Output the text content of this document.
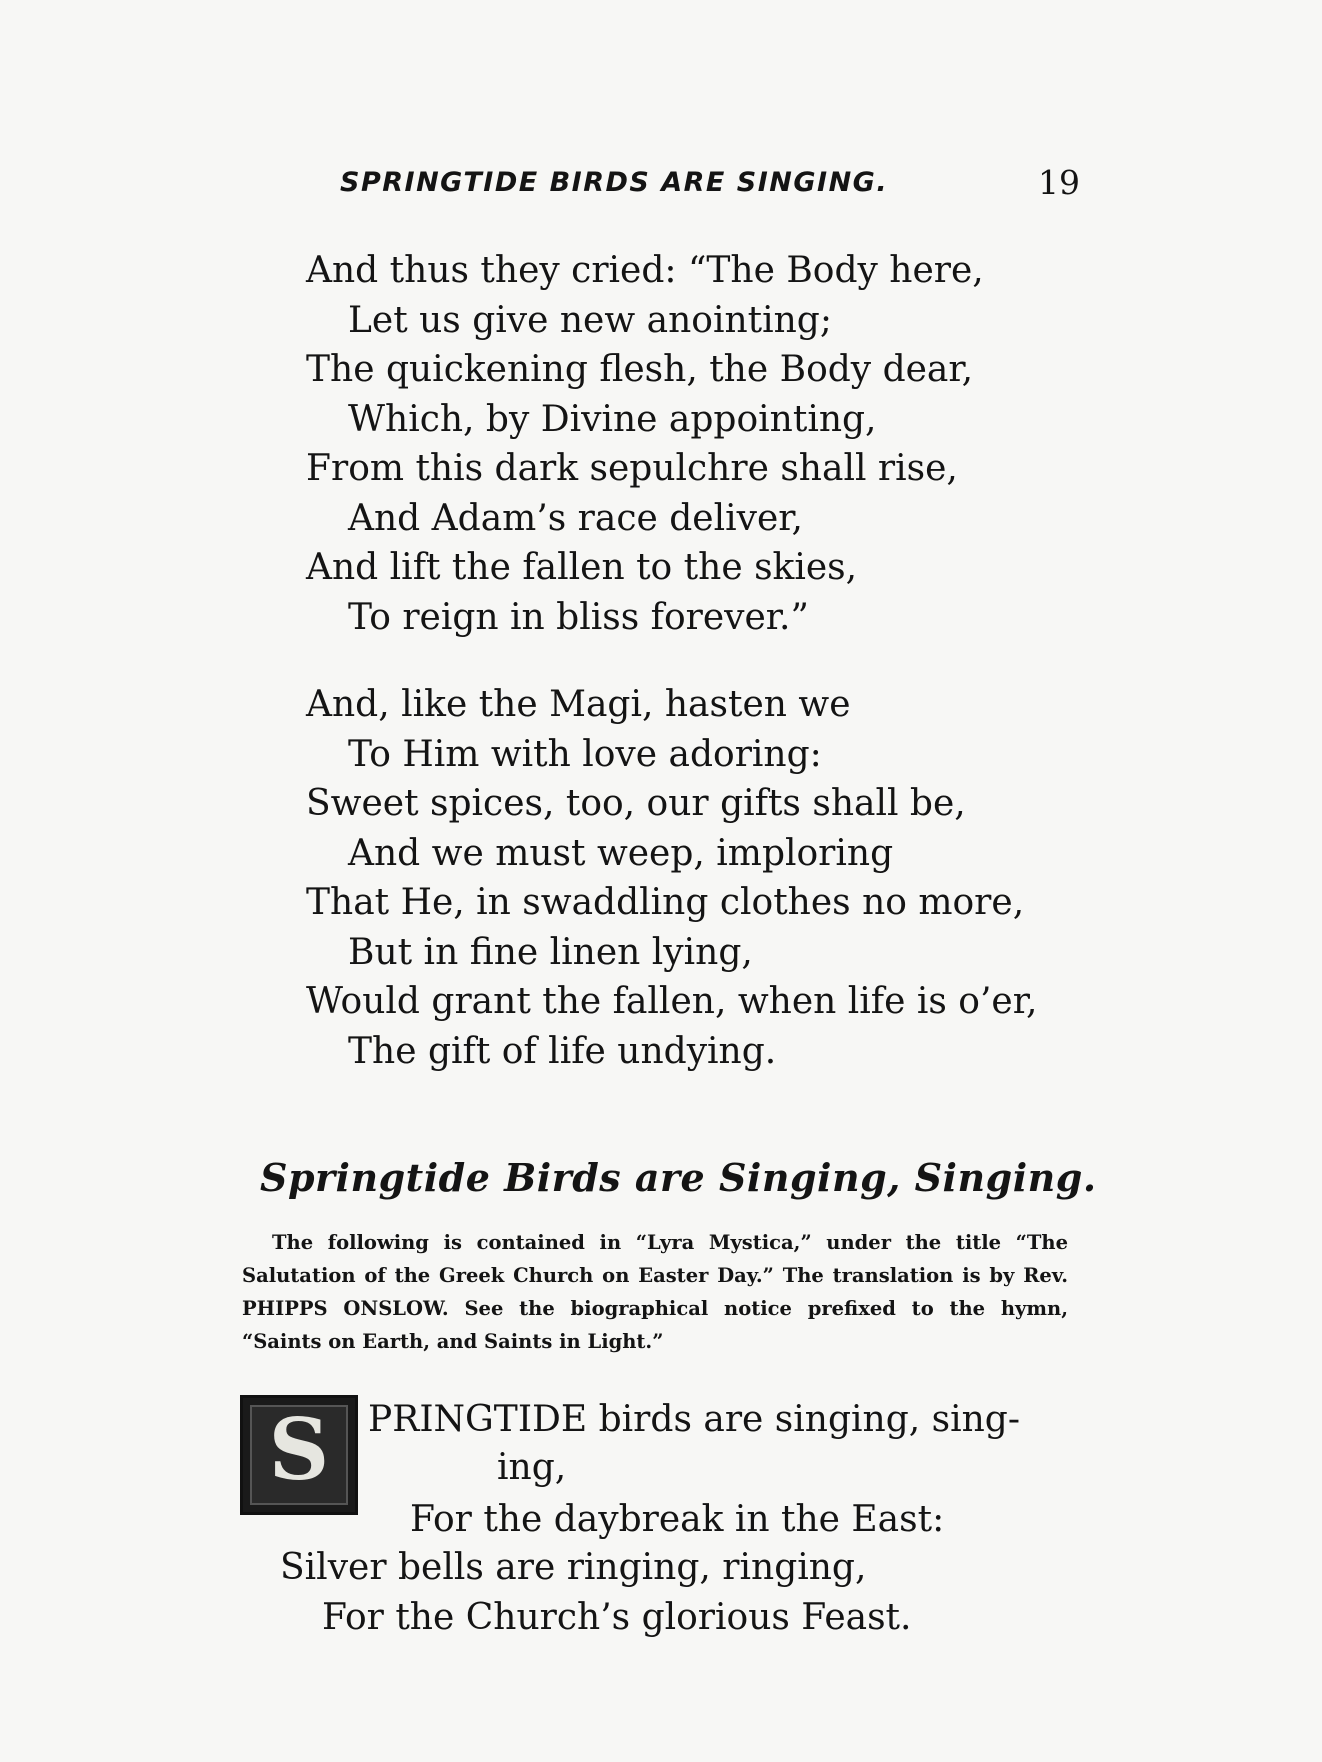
SPRINGTIDE BIRDS ARE SINGING.	19
And thus they cried: “The Body here,
Let us give new anointing;
The quickening flesh, the Body dear,
Which, by Divine appointing,
From this dark sepulchre shall rise,
And Adam’s race deliver,
And lift the fallen to the skies,
To reign in bliss forever.”
And, like the Magi, hasten we
To Him with love adoring:
Sweet spices, too, our gifts shall be,
And we must weep, imploring
That He, in swaddling clothes no more,
But in fine linen lying,
Would grant the fallen, when life is o’er,
The gift of life undying.
Springtide Birds are Singing, Singing.
The following is contained in “Lyra Mystica,” under the title “The Salutation of the Greek Church on Easter Day.” The translation is by Rev. PHIPPS ONSLOW. See the biographical notice prefixed to the hymn, “Saints on Earth, and Saints in Light.”
S	PRINGTIDE birds are singing, sing-
ing,
For the daybreak in the East:
Silver bells are ringing, ringing,
For the Church’s glorious Feast.
